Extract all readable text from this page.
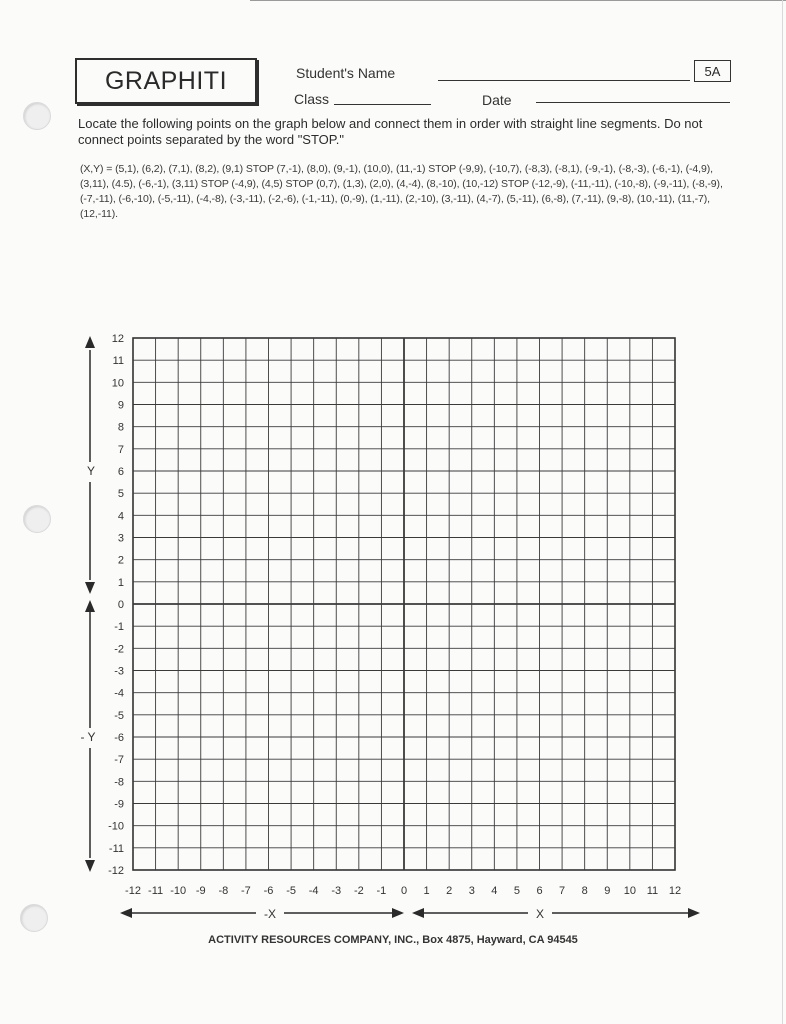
GRAPHITI	Student's Name	5A
Class	Date
Locate the following points on the graph below and connect them in order with straight line segments. Do not connect points separated by the word "STOP."
(X,Y) = (5,1), (6,2), (7,1), (8,2), (9,1) STOP (7,-1), (8,0), (9,-1), (10,0), (11,-1) STOP (-9,9), (-10,7), (-8,3), (-8,1), (-9,-1), (-8,-3), (-6,-1), (-4,9), (3,11), (4.5), (-6,-1), (3,11) STOP (-4,9), (4,5) STOP (0,7), (1,3), (2,0), (4,-4), (8,-10), (10,-12) STOP (-12,-9), (-11,-11), (-10,-8), (-9,-11), (-8,-9), (-7,-11), (-6,-10), (-5,-11), (-4,-8), (-3,-11), (-2,-6), (-1,-11), (0,-9), (1,-11), (2,-10), (3,-11), (4,-7), (5,-11), (6,-8), (7,-11), (9,-8), (10,-11), (11,-7), (12,-11).
12
11
10
9
8
7
6
5
4
3
2
1
0
-1
-2
-3
-4
-5
-6
-7
-8
-9
-10
-11
-12
-12 -11 -10 -9 -8 -7 -6 -5 -4 -3 -2 -1 0 1 2 3 4 5 6 7 8 9 10 11 12
Y
- Y
-X	X
ACTIVITY RESOURCES COMPANY, INC., Box 4875, Hayward, CA 94545
